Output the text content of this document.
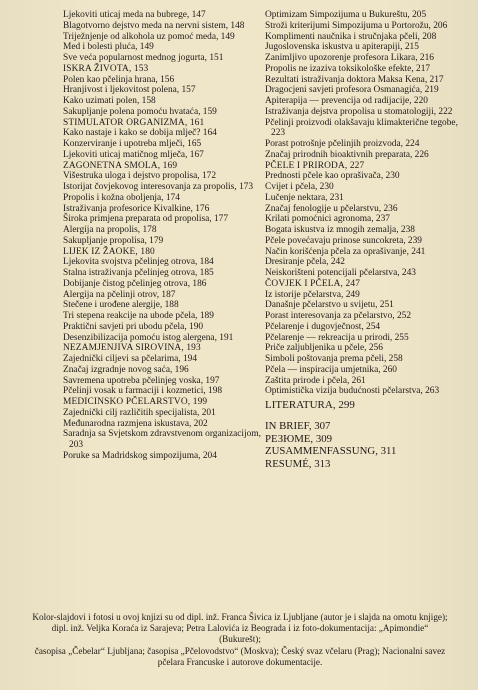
Ljekoviti uticaj meda na bubrege, 147

Blagotvorno dejstvo meda na nervni sistem, 148

Triježnjenje od alkohola uz pomoć meda, 149

Med i bolesti pluća, 149

Sve veća popularnost mednog jogurta, 151

ISKRA ŽIVOTA, 153

Polen kao pčelinja hrana, 156

Hranjivost i ljekovitost polena, 157

Kako uzimati polen, 158

Sakupljanje polena pomoću hvataća, 159

STIMULATOR ORGANIZMA, 161

Kako nastaje i kako se dobija mlječ? 164

Konzerviranje i upotreba mlječi, 165

Ljekoviti uticaj matičnog mlječa, 167

ZAGONETNA SMOLA, 169

Višestruka uloga i dejstvo propolisa, 172

Istorijat čovjekovog interesovanja za propolis, 173

Propolis i kožna oboljenja, 174

Istraživanja profesorice Kivalkine, 176

Široka primjena preparata od propolisa, 177

Alergija na propolis, 178

Sakupljanje propolisa, 179

LIJEK IZ ŽAOKE, 180

Ljekovita svojstva pčelinjeg otrova, 184

Stalna istraživanja pčelinjeg otrova, 185

Dobijanje čistog pčelinjeg otrova, 186

Alergija na pčelinji otrov, 187

Stečene i urođene alergije, 188

Tri stepena reakcije na ubode pčela, 189

Praktični savjeti pri ubodu pčela, 190

Desenzibilizacija pomoću istog alergena, 191

NEZAMJENJIVA SIROVINA, 193

Zajednički ciljevi sa pčelarima, 194

Značaj izgradnje novog saća, 196

Savremena upotreba pčelinjeg voska, 197

Pčelinji vosak u farmaciji i kozmetici, 198

MEDICINSKO PČELARSTVO, 199

Zajednički cilj različitih specijalista, 201

Međunarodna razmjena iskustava, 202

Saradnja sa Svjetskom zdravstvenom organizacijom, 203

Poruke sa Madridskog simpozijuma, 204

Optimizam Simpozijuma u Bukureštu, 205

Stroži kriterijumi Simpozijuma u Portorožu, 206

Komplimenti naučnika i stručnjaka pčeli, 208

Jugoslovenska iskustva u apiterapiji, 215

Zanimljivo upozorenje profesora Likara, 216

Propolis ne izaziva toksikološke efekte, 217

Rezultati istraživanja doktora Maksa Kena, 217

Dragocjeni savjeti profesora Osmanagića, 219

Apiterapija — prevencija od radijacije, 220

Istraživanja dejstva propolisa u stomatologiji, 222

Pčelinji proizvodi olakšavaju klimakterične tegobe, 223

Porast potrošnje pčelinjih proizvoda, 224

Značaj prirodnih bioaktivnih preparata, 226

PČELE I PRIRODA, 227

Prednosti pčele kao oprašivača, 230

Cvijet i pčela, 230

Lučenje nektara, 231

Značaj fenologije u pčelarstvu, 236

Krilati pomoćnici agronoma, 237

Bogata iskustva iz mnogih zemalja, 238

Pčele povećavaju prinose suncokreta, 239

Način korišćenja pčela za oprašivanje, 241

Dresiranje pčela, 242

Neiskorišteni potencijali pčelarstva, 243

ČOVJEK I PČELA, 247

Iz istorije pčelarstva, 249

Današnje pčelarstvo u svijetu, 251

Porast interesovanja za pčelarstvo, 252

Pčelarenje i dugovječnost, 254

Pčelarenje — rekreacija u prirodi, 255

Priče zaljubljenika u pčele, 256

Simboli poštovanja prema pčeli, 258

Pčela — inspiracija umjetnika, 260

Zaštita prirode i pčela, 261

Optimistička vizija budućnosti pčelarstva, 263

LITERATURA, 299

IN BRIEF, 307

РЕЗЮМЕ, 309

ZUSAMMENFASSUNG, 311

RESUMÉ, 313

Kolor-slajdovi i fotosi u ovoj knjizi su od dipl. inž. Franca Šivica iz Ljubljane (autor je i slajda na omotu knjige);

dipl. inž. Veljka Koraća iz Sarajeva; Petra Lalovića iz Beograda i iz foto-dokumentacija: „Apimondie“ (Bukurešt);

časopisa „Čebelar“ Ljubljana; časopisa „Pčelovodstvo“ (Moskva); Český svaz včelaru (Prag); Nacionalni savez

pčelara Francuske i autorove dokumentacije.
